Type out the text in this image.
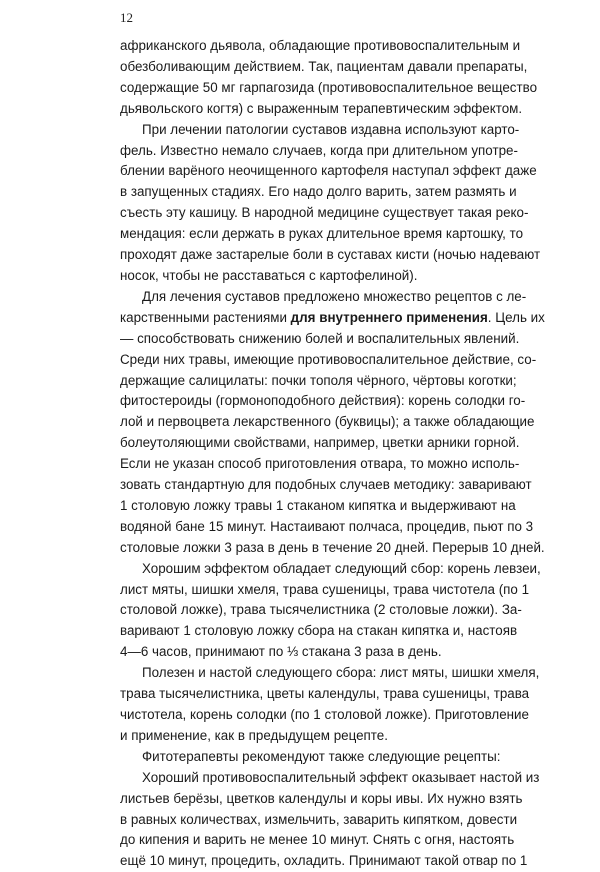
12
африканского дьявола, обладающие противовоспалительным и
обезболивающим действием. Так, пациентам давали препараты,
содержащие 50 мг гарпагозида (противовоспалительное вещество
дьявольского когтя) с выраженным терапевтическим эффектом.
При лечении патологии суставов издавна используют карто-
фель. Известно немало случаев, когда при длительном употре-
блении варёного неочищенного картофеля наступал эффект даже
в запущенных стадиях. Его надо долго варить, затем размять и
съесть эту кашицу. В народной медицине существует такая реко-
мендация: если держать в руках длительное время картошку, то
проходят даже застарелые боли в суставах кисти (ночью надевают
носок, чтобы не расставаться с картофелиной).
Для лечения суставов предложено множество рецептов с ле-
карственными растениями для внутреннего применения. Цель их
— способствовать снижению болей и воспалительных явлений.
Среди них травы, имеющие противовоспалительное действие, со-
держащие салицилаты: почки тополя чёрного, чёртовы коготки;
фитостероиды (гормоноподобного действия): корень солодки го-
лой и первоцвета лекарственного (буквицы); а также обладающие
болеутоляющими свойствами, например, цветки арники горной.
Если не указан способ приготовления отвара, то можно исполь-
зовать стандартную для подобных случаев методику: заваривают
1 столовую ложку травы 1 стаканом кипятка и выдерживают на
водяной бане 15 минут. Настаивают полчаса, процедив, пьют по 3
столовые ложки 3 раза в день в течение 20 дней. Перерыв 10 дней.
Хорошим эффектом обладает следующий сбор: корень левзеи,
лист мяты, шишки хмеля, трава сушеницы, трава чистотела (по 1
столовой ложке), трава тысячелистника (2 столовые ложки). За-
варивают 1 столовую ложку сбора на стакан кипятка и, настояв
4—6 часов, принимают по ⅓ стакана 3 раза в день.
Полезен и настой следующего сбора: лист мяты, шишки хмеля,
трава тысячелистника, цветы календулы, трава сушеницы, трава
чистотела, корень солодки (по 1 столовой ложке). Приготовление
и применение, как в предыдущем рецепте.
Фитотерапевты рекомендуют также следующие рецепты:
Хороший противовоспалительный эффект оказывает настой из
листьев берёзы, цветков календулы и коры ивы. Их нужно взять
в равных количествах, измельчить, заварить кипятком, довести
до кипения и варить не менее 10 минут. Снять с огня, настоять
ещё 10 минут, процедить, охладить. Принимают такой отвар по 1
